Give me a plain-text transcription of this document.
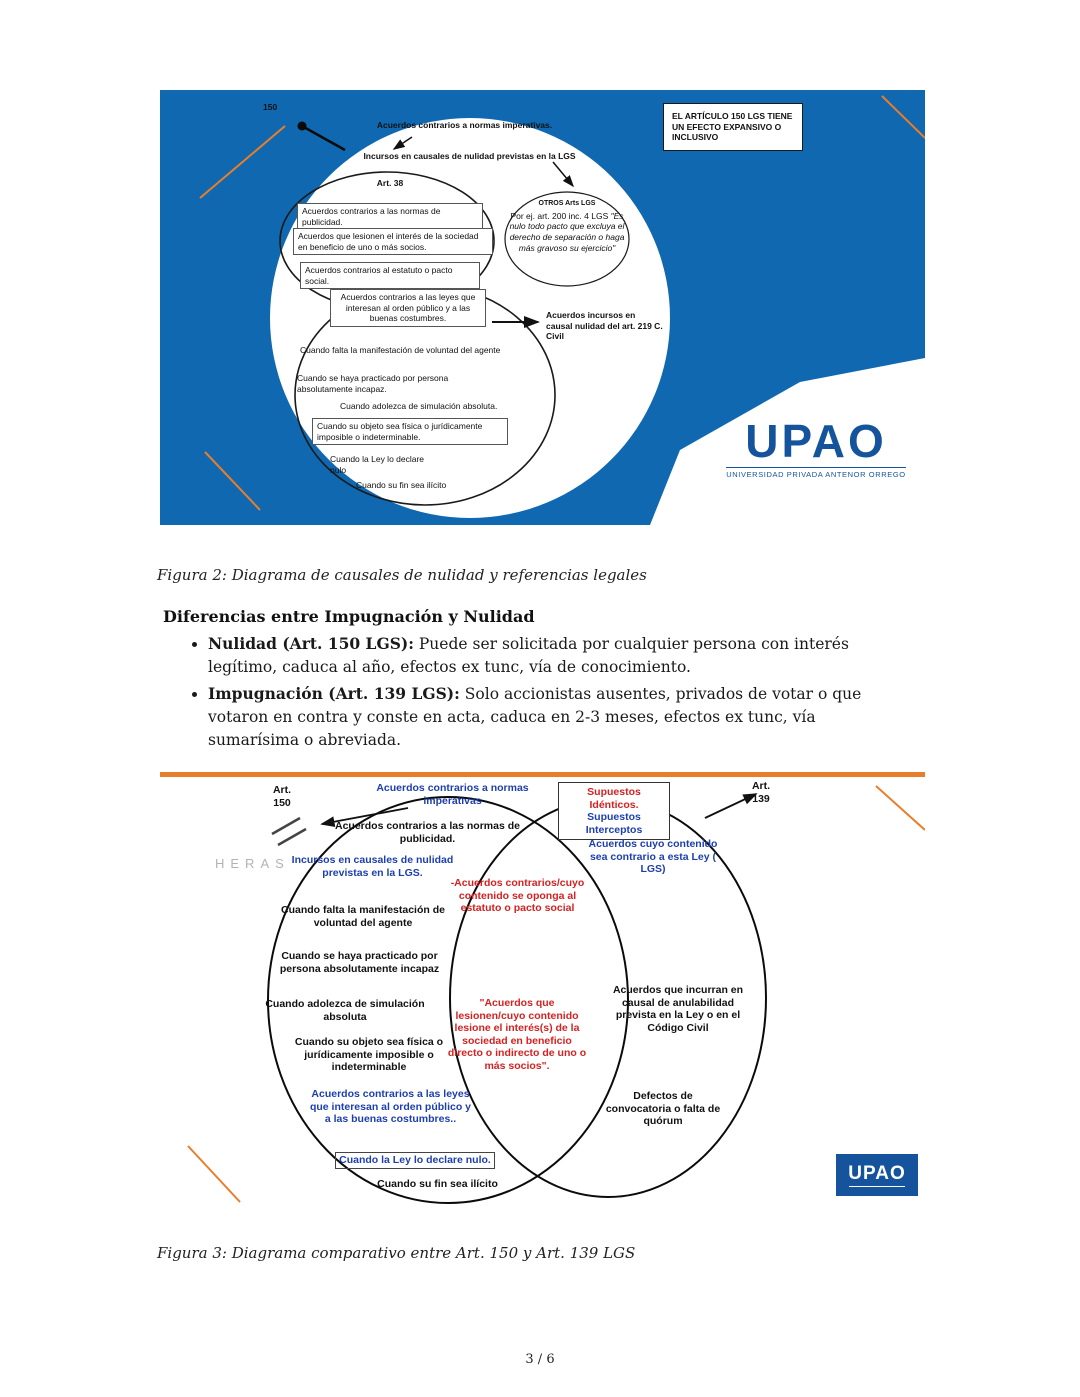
150
Acuerdos contrarios a normas imperativas.
Incursos en causales de nulidad previstas en la LGS
Art. 38
Acuerdos contrarios a las normas de publicidad.
Acuerdos que lesionen el interés de la sociedad en beneficio de uno o más socios.
Acuerdos contrarios al estatuto o pacto social.
Acuerdos contrarios a las leyes que interesan al orden público y a las buenas costumbres.
OTROS Arts LGS
Por ej. art. 200 inc. 4 LGS "Es nulo todo pacto que excluya el derecho de separación o haga más gravoso su ejercicio"
Cuando falta la manifestación de voluntad del agente
Cuando se haya practicado por persona absolutamente incapaz.
Cuando adolezca de simulación absoluta.
Cuando su objeto sea física o jurídicamente imposible o indeterminable.
Cuando la Ley lo declare nulo
Cuando su fin sea ilícito
Acuerdos incursos en causal nulidad del art. 219 C. Civil
EL ARTÍCULO 150 LGS TIENE UN EFECTO EXPANSIVO O INCLUSIVO
UPAO
UNIVERSIDAD PRIVADA ANTENOR ORREGO
Figura 2: Diagrama de causales de nulidad y referencias legales
Diferencias entre Impugnación y Nulidad
• Nulidad (Art. 150 LGS): Puede ser solicitada por cualquier persona con interés legítimo, caduca al año, efectos ex tunc, vía de conocimiento.
• Impugnación (Art. 139 LGS): Solo accionistas ausentes, privados de votar o que votaron en contra y conste en acta, caduca en 2-3 meses, efectos ex tunc, vía sumarísima o abreviada.
HERAS
Art.
150
Art.
139
Acuerdos contrarios a normas imperativas
Acuerdos contrarios a las normas de publicidad.
Incursos en causales de nulidad previstas en la LGS.
Cuando falta la manifestación de voluntad del agente
Cuando se haya practicado por persona absolutamente incapaz
Cuando adolezca de simulación absoluta
Cuando su objeto sea física o jurídicamente imposible o indeterminable
Acuerdos contrarios a las leyes que interesan al orden público y a las buenas costumbres..
Cuando la Ley lo declare nulo.
Cuando su fin sea ilícito
Supuestos Idénticos.
Supuestos Interceptos
-Acuerdos contrarios/cuyo contenido se oponga al estatuto o pacto social
"Acuerdos que lesionen/cuyo contenido lesione el interés(s) de la sociedad en beneficio directo o indirecto de uno o más socios".
Acuerdos cuyo contenido sea contrario a esta Ley ( LGS)
Acuerdos que incurran en causal de anulabilidad prevista en la Ley o en el Código Civil
Defectos de
convocatoria o falta de quórum
UPAO
Figura 3: Diagrama comparativo entre Art. 150 y Art. 139 LGS
3 / 6
